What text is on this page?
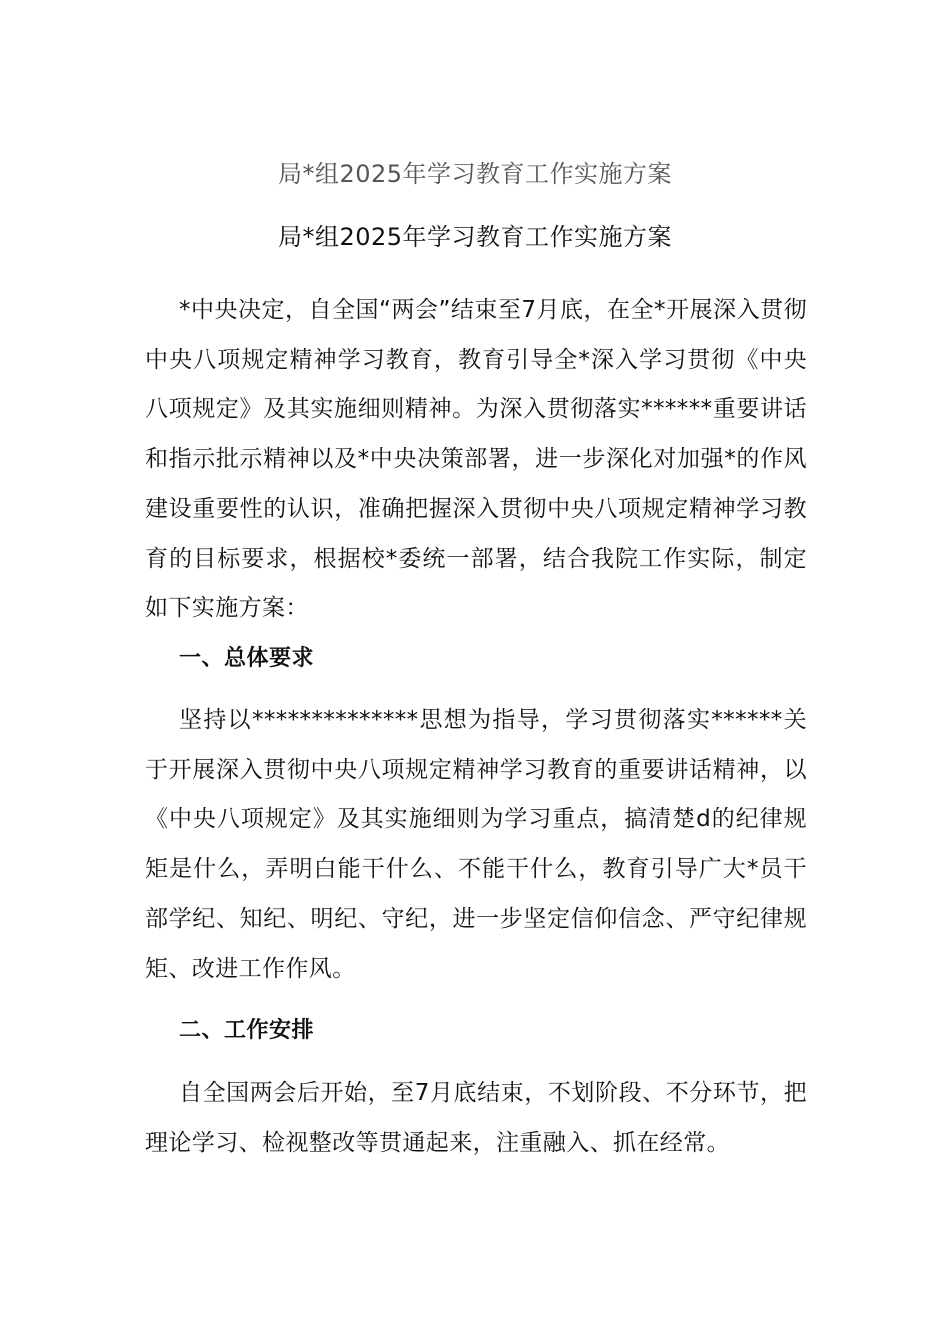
局*组2025年学习教育工作实施方案
局*组2025年学习教育工作实施方案

*中央决定，自全国“两会”结束至7月底，在全*开展深入贯彻中央八项规定精神学习教育，教育引导全*深入学习贯彻《中央八项规定》及其实施细则精神。为深入贯彻落实******重要讲话和指示批示精神以及*中央决策部署，进一步深化对加强*的作风建设重要性的认识，准确把握深入贯彻中央八项规定精神学习教育的目标要求，根据校*委统一部署，结合我院工作实际，制定如下实施方案：

一、总体要求

坚持以**************思想为指导，学习贯彻落实******关于开展深入贯彻中央八项规定精神学习教育的重要讲话精神，以《中央八项规定》及其实施细则为学习重点，搞清楚d的纪律规矩是什么，弄明白能干什么、不能干什么，教育引导广大*员干部学纪、知纪、明纪、守纪，进一步坚定信仰信念、严守纪律规矩、改进工作作风。

二、工作安排

自全国两会后开始，至7月底结束，不划阶段、不分环节，把理论学习、检视整改等贯通起来，注重融入、抓在经常。
